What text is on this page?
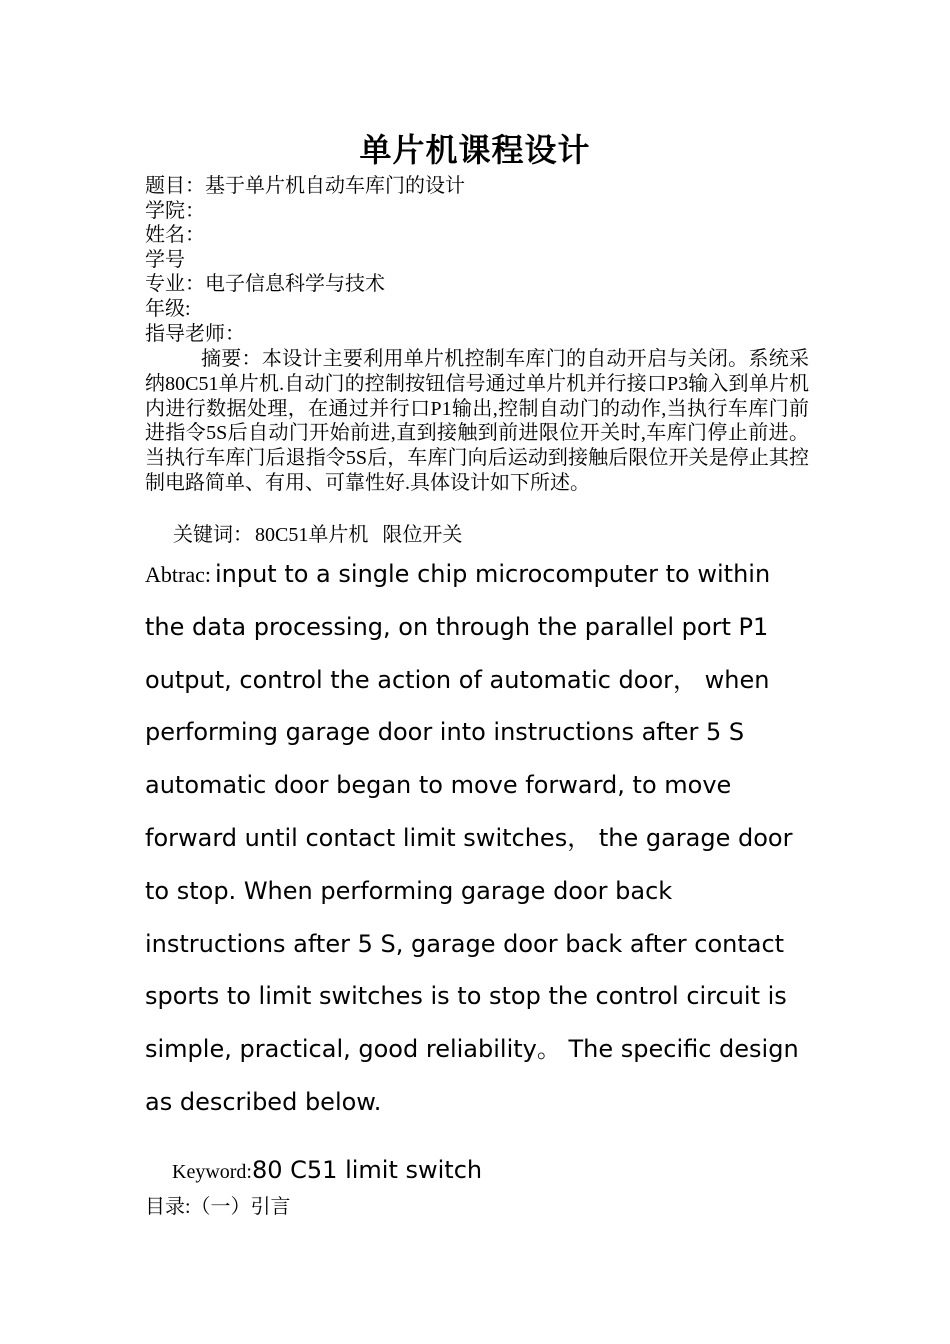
单片机课程设计
题目：基于单片机自动车库门的设计
学院：
姓名：
学号
专业：电子信息科学与技术
年级:
指导老师：
摘要：本设计主要利用单片机控制车库门的自动开启与关闭。系统采纳80C51单片机.自动门的控制按钮信号通过单片机并行接口P3输入到单片机内进行数据处理，在通过并行口P1输出,控制自动门的动作,当执行车库门前进指令5S后自动门开始前进,直到接触到前进限位开关时,车库门停止前进。当执行车库门后退指令5S后，车库门向后运动到接触后限位开关是停止其控制电路简单、有用、可靠性好.具体设计如下所述。
关键词： 80C51单片机 限位开关
Abtrac: input to a single chip microcomputer to within the data processing, on through the parallel port P1 output, control the action of automatic door， when performing garage door into instructions after 5 S automatic door began to move forward, to move forward until contact limit switches， the garage door to stop. When performing garage door back instructions after 5 S, garage door back after contact sports to limit switches is to stop the control circuit is simple, practical, good reliability。 The specific design as described below.
Keyword:80 C51 limit switch
目录:（一）引言
